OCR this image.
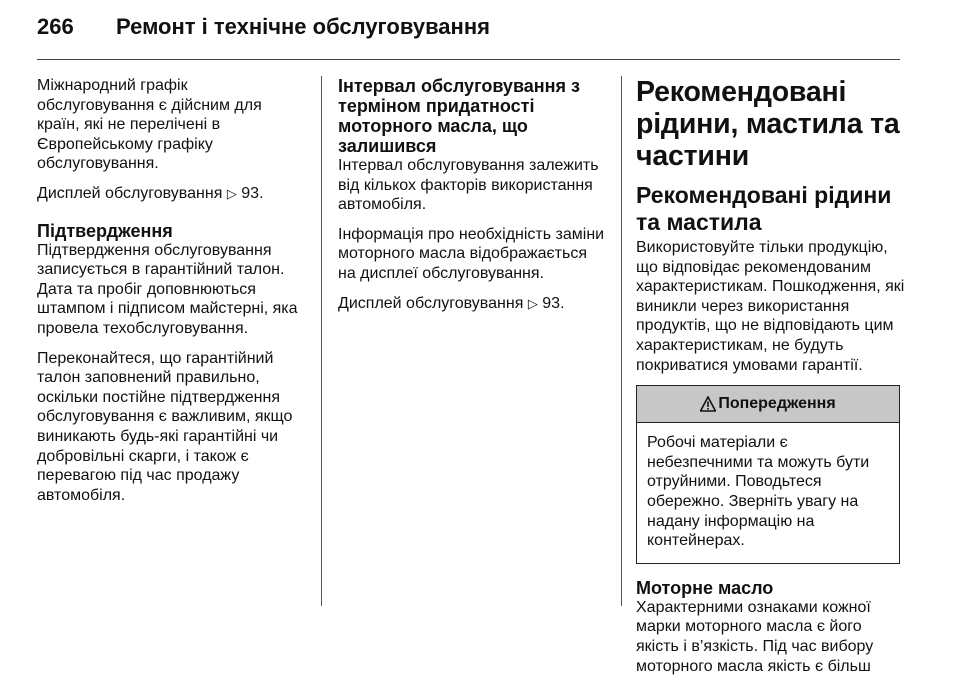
266 Ремонт і технічне обслуговування

Міжнародний графік обслуговування є дійсним для країн, які не перелічені в Європейському графіку обслуговування.

Дисплей обслуговування ▷ 93.

Підтвердження

Підтвердження обслуговування записується в гарантійний талон. Дата та пробіг доповнюються штампом і підписом майстерні, яка провела техобслуговування.

Переконайтеся, що гарантійний талон заповнений правильно, оскільки постійне підтвердження обслуговування є важливим, якщо виникають будь-які гарантійні чи добровільні скарги, і також є перевагою під час продажу автомобіля.

Інтервал обслуговування з терміном придатності моторного масла, що залишився

Інтервал обслуговування залежить від кількох факторів використання автомобіля.

Інформація про необхідність заміни моторного масла відображається на дисплеї обслуговування.

Дисплей обслуговування ▷ 93.

Рекомендовані рідини, мастила та частини
Рекомендовані рідини та мастила

Використовуйте тільки продукцію, що відповідає рекомендованим характеристикам. Пошкодження, які виникли через використання продуктів, що не відповідають цим характеристикам, не будуть покриватися умовами гарантії.

Попередження
Робочі матеріали є небезпечними та можуть бути отруйними. Поводьтеся обережно. Зверніть увагу на надану інформацію на контейнерах.
Моторне масло

Характерними ознаками кожної марки моторного масла є його якість і в’язкість. Під час вибору моторного масла якість є більш
